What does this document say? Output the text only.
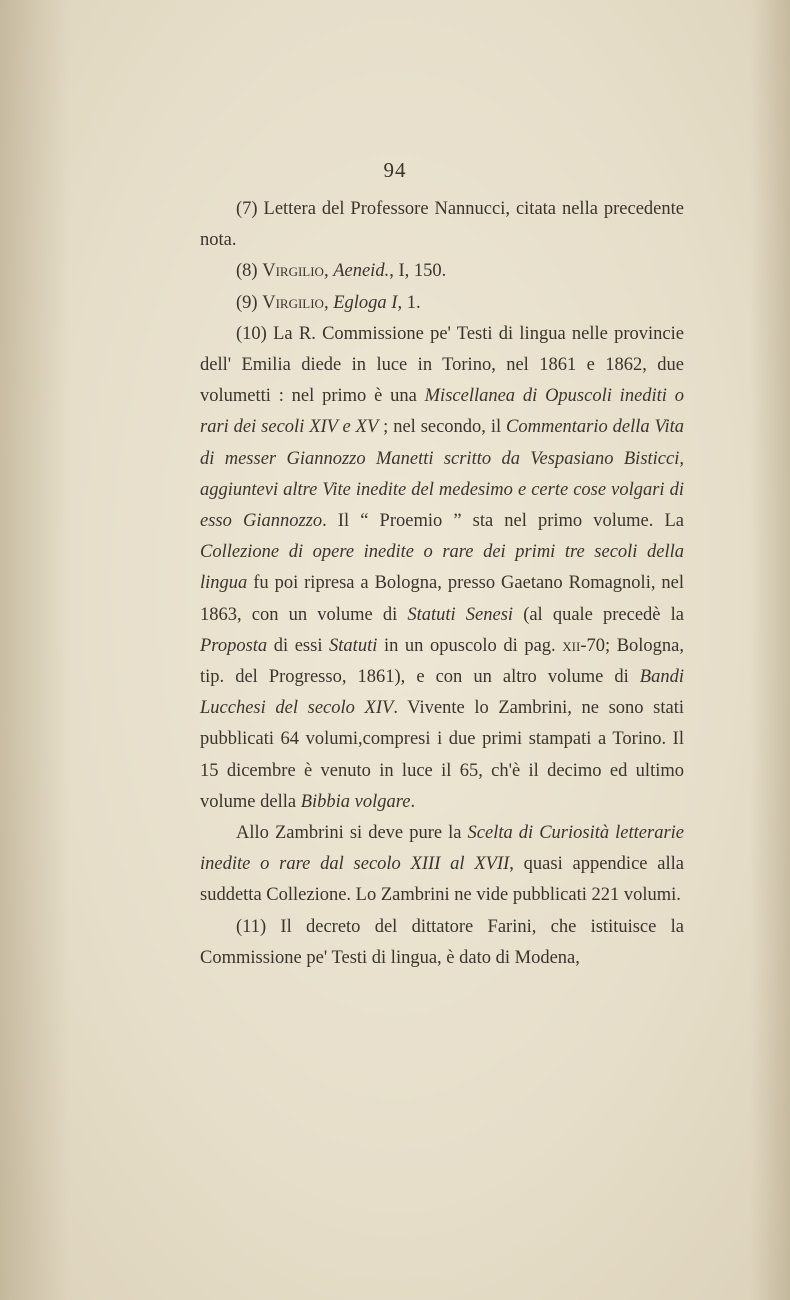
94

(7) Lettera del Professore Nannucci, citata nella precedente nota.

(8) Virgilio, Aeneid., I, 150.

(9) Virgilio, Egloga I, 1.

(10) La R. Commissione pe' Testi di lingua nelle provincie dell' Emilia diede in luce in Torino, nel 1861 e 1862, due volumetti : nel primo è una Miscellanea di Opuscoli inediti o rari dei secoli XIV e XV ; nel secondo, il Commentario della Vita di messer Giannozzo Manetti scritto da Vespasiano Bisticci, aggiuntevi altre Vite inedite del medesimo e certe cose volgari di esso Giannozzo. Il “ Proemio ” sta nel primo volume. La Collezione di opere inedite o rare dei primi tre secoli della lingua fu poi ripresa a Bologna, presso Gaetano Romagnoli, nel 1863, con un volume di Statuti Senesi (al quale precedè la Proposta di essi Statuti in un opuscolo di pag. xii-70; Bologna, tip. del Progresso, 1861), e con un altro volume di Bandi Lucchesi del secolo XIV. Vivente lo Zambrini, ne sono stati pubblicati 64 volumi,compresi i due primi stampati a Torino. Il 15 dicembre è venuto in luce il 65, ch'è il decimo ed ultimo volume della Bibbia volgare.

Allo Zambrini si deve pure la Scelta di Curiosità letterarie inedite o rare dal secolo XIII al XVII, quasi appendice alla suddetta Collezione. Lo Zambrini ne vide pubblicati 221 volumi.

(11) Il decreto del dittatore Farini, che istituisce la Commissione pe' Testi di lingua, è dato di Modena,
